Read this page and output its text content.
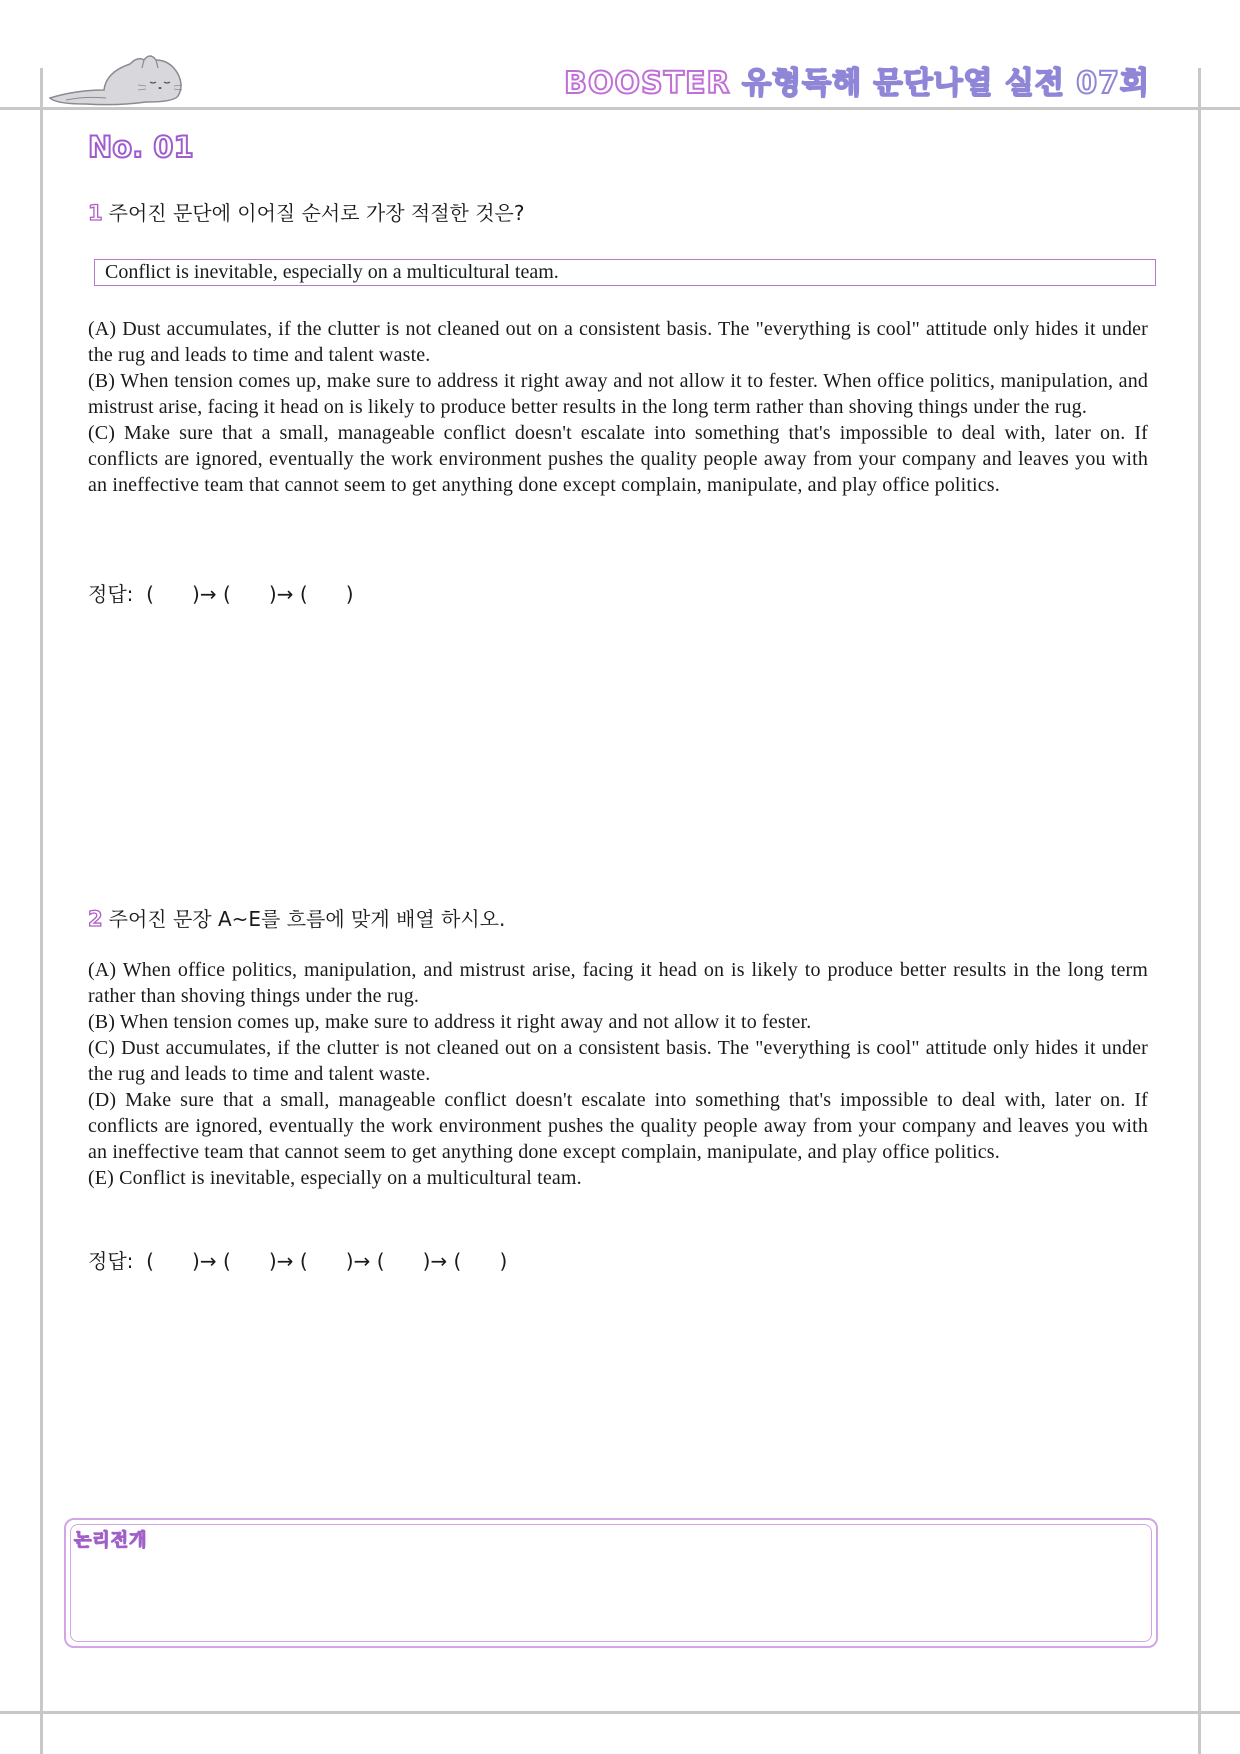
BOOSTER 유형독해 문단나열 실전 07회
No. 01
1 주어진 문단에 이어질 순서로 가장 적절한 것은?
Conflict is inevitable, especially on a multicultural team.

(A) Dust accumulates, if the clutter is not cleaned out on a consistent basis. The "everything is cool" attitude only hides it under the rug and leads to time and talent waste.

(B) When tension comes up, make sure to address it right away and not allow it to fester. When office politics, manipulation, and mistrust arise, facing it head on is likely to produce better results in the long term rather than shoving things under the rug.

(C) Make sure that a small, manageable conflict doesn't escalate into something that's impossible to deal with, later on. If conflicts are ignored, eventually the work environment pushes the quality people away from your company and leaves you with an ineffective team that cannot seem to get anything done except complain, manipulate, and play office politics.

정답:  (      )→ (      )→ (      )
2 주어진 문장 A~E를 흐름에 맞게 배열 하시오.

(A) When office politics, manipulation, and mistrust arise, facing it head on is likely to produce better results in the long term rather than shoving things under the rug.

(B) When tension comes up, make sure to address it right away and not allow it to fester.

(C) Dust accumulates, if the clutter is not cleaned out on a consistent basis. The "everything is cool" attitude only hides it under the rug and leads to time and talent waste.

(D) Make sure that a small, manageable conflict doesn't escalate into something that's impossible to deal with, later on. If conflicts are ignored, eventually the work environment pushes the quality people away from your company and leaves you with an ineffective team that cannot seem to get anything done except complain, manipulate, and play office politics.

(E) Conflict is inevitable, especially on a multicultural team.

정답:  (      )→ (      )→ (      )→ (      )→ (      )
논리전개
